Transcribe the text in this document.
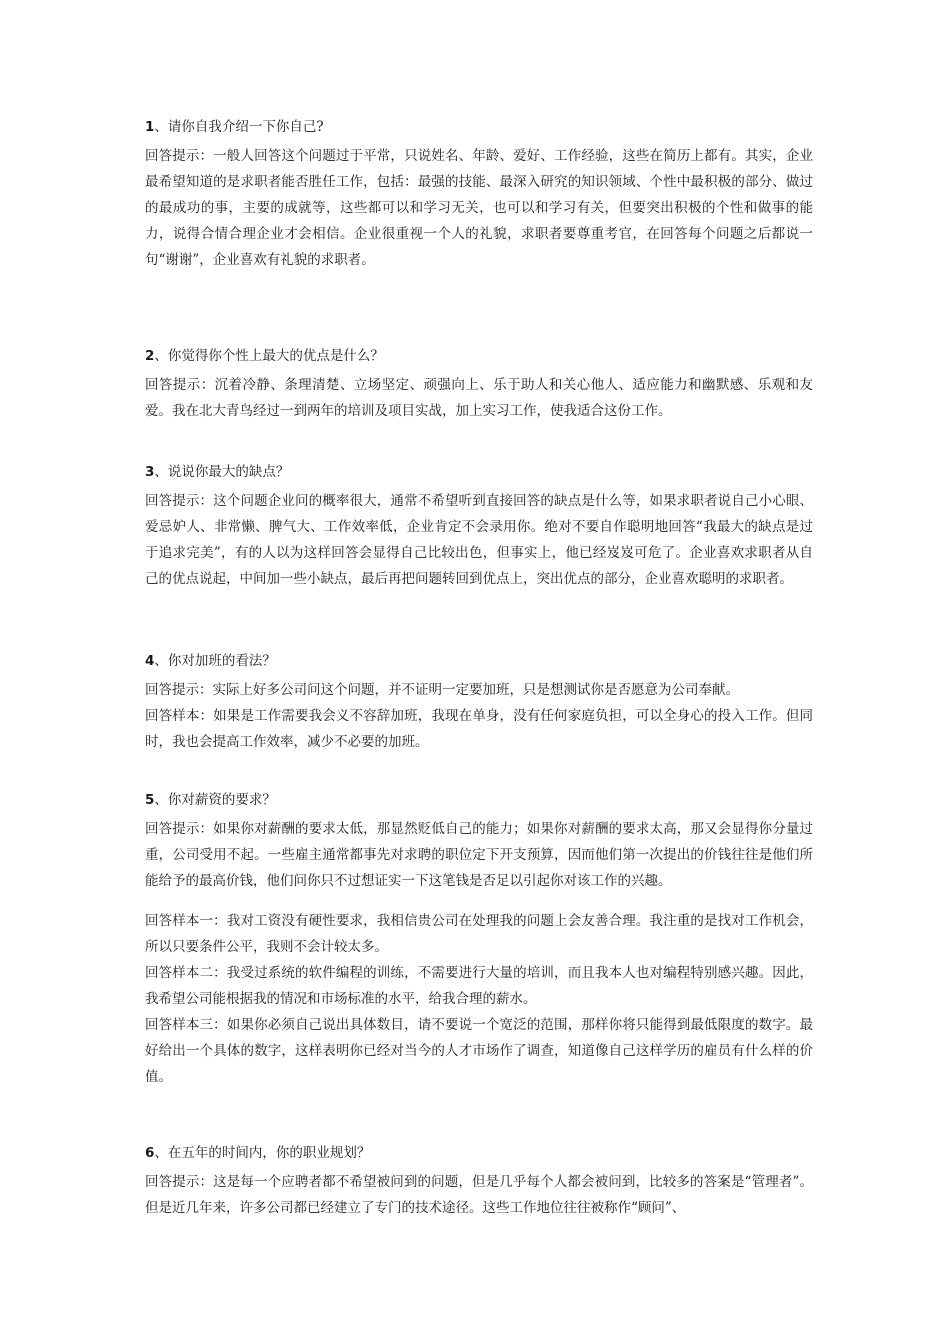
1、请你自我介绍一下你自己?

回答提示：一般人回答这个问题过于平常，只说姓名、年龄、爱好、工作经验，这些在简历上都有。其实，企业最希望知道的是求职者能否胜任工作，包括：最强的技能、最深入研究的知识领域、个性中最积极的部分、做过的最成功的事，主要的成就等，这些都可以和学习无关，也可以和学习有关，但要突出积极的个性和做事的能力，说得合情合理企业才会相信。企业很重视一个人的礼貌，求职者要尊重考官，在回答每个问题之后都说一句“谢谢”，企业喜欢有礼貌的求职者。

2、你觉得你个性上最大的优点是什么？

回答提示：沉着冷静、条理清楚、立场坚定、顽强向上、乐于助人和关心他人、适应能力和幽默感、乐观和友爱。我在北大青鸟经过一到两年的培训及项目实战，加上实习工作，使我适合这份工作。

3、说说你最大的缺点？

回答提示：这个问题企业问的概率很大，通常不希望听到直接回答的缺点是什么等，如果求职者说自己小心眼、爱忌妒人、非常懒、脾气大、工作效率低，企业肯定不会录用你。绝对不要自作聪明地回答“我最大的缺点是过于追求完美”，有的人以为这样回答会显得自己比较出色，但事实上，他已经岌岌可危了。企业喜欢求职者从自己的优点说起，中间加一些小缺点，最后再把问题转回到优点上，突出优点的部分，企业喜欢聪明的求职者。

4、你对加班的看法？

回答提示：实际上好多公司问这个问题，并不证明一定要加班，只是想测试你是否愿意为公司奉献。

回答样本：如果是工作需要我会义不容辞加班，我现在单身，没有任何家庭负担，可以全身心的投入工作。但同时，我也会提高工作效率，减少不必要的加班。

5、你对薪资的要求？

回答提示：如果你对薪酬的要求太低，那显然贬低自己的能力；如果你对薪酬的要求太高，那又会显得你分量过重，公司受用不起。一些雇主通常都事先对求聘的职位定下开支预算，因而他们第一次提出的价钱往往是他们所能给予的最高价钱，他们问你只不过想证实一下这笔钱是否足以引起你对该工作的兴趣。

回答样本一：我对工资没有硬性要求，我相信贵公司在处理我的问题上会友善合理。我注重的是找对工作机会，所以只要条件公平，我则不会计较太多。

回答样本二：我受过系统的软件编程的训练，不需要进行大量的培训，而且我本人也对编程特别感兴趣。因此，我希望公司能根据我的情况和市场标准的水平，给我合理的薪水。

回答样本三：如果你必须自己说出具体数目，请不要说一个宽泛的范围，那样你将只能得到最低限度的数字。最好给出一个具体的数字，这样表明你已经对当今的人才市场作了调查，知道像自己这样学历的雇员有什么样的价值。

6、在五年的时间内，你的职业规划？

回答提示：这是每一个应聘者都不希望被问到的问题，但是几乎每个人都会被问到，比较多的答案是“管理者”。但是近几年来，许多公司都已经建立了专门的技术途径。这些工作地位往往被称作“顾问”、
